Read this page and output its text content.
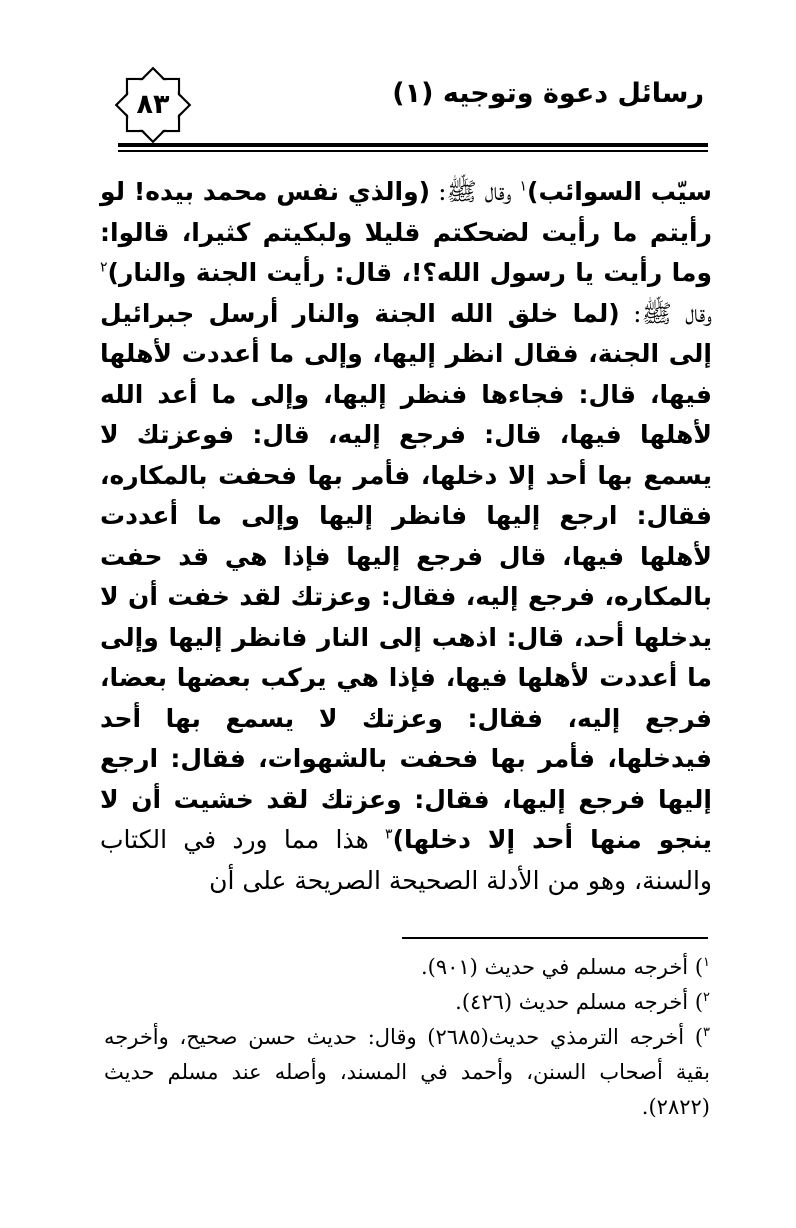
٨٣	رسائل دعوة وتوجيه (١)
سيّب السوائب)$^١$ وقال ﷺ: (والذي نفس محمد بيده! لو رأيتم ما رأيت لضحكتم قليلا ولبكيتم كثيرا، قالوا: وما رأيت يا رسول الله؟!، قال: رأيت الجنة والنار)$^٢$ وقال ﷺ: (لما خلق الله الجنة والنار أرسل جبرائيل إلى الجنة، فقال انظر إليها، وإلى ما أعددت لأهلها فيها، قال: فجاءها فنظر إليها، وإلى ما أعد الله لأهلها فيها، قال: فرجع إليه، قال: فوعزتك لا يسمع بها أحد إلا دخلها، فأمر بها فحفت بالمكاره، فقال: ارجع إليها فانظر إليها وإلى ما أعددت لأهلها فيها، قال فرجع إليها فإذا هي قد حفت بالمكاره، فرجع إليه، فقال: وعزتك لقد خفت أن لا يدخلها أحد، قال: اذهب إلى النار فانظر إليها وإلى ما أعددت لأهلها فيها، فإذا هي يركب بعضها بعضا، فرجع إليه، فقال: وعزتك لا يسمع بها أحد فيدخلها، فأمر بها فحفت بالشهوات، فقال: ارجع إليها فرجع إليها، فقال: وعزتك لقد خشيت أن لا ينجو منها أحد إلا دخلها)$^٣$ هذا مما ورد في الكتاب والسنة، وهو من الأدلة الصحيحة الصريحة على أن

$^١$) أخرجه مسلم في حديث (٩٠١).

$^٢$) أخرجه مسلم حديث (٤٢٦).

$^٣$) أخرجه الترمذي حديث(٢٦٨٥) وقال: حديث حسن صحيح، وأخرجه بقية أصحاب السنن، وأحمد في المسند، وأصله عند مسلم حديث (٢٨٢٢).
